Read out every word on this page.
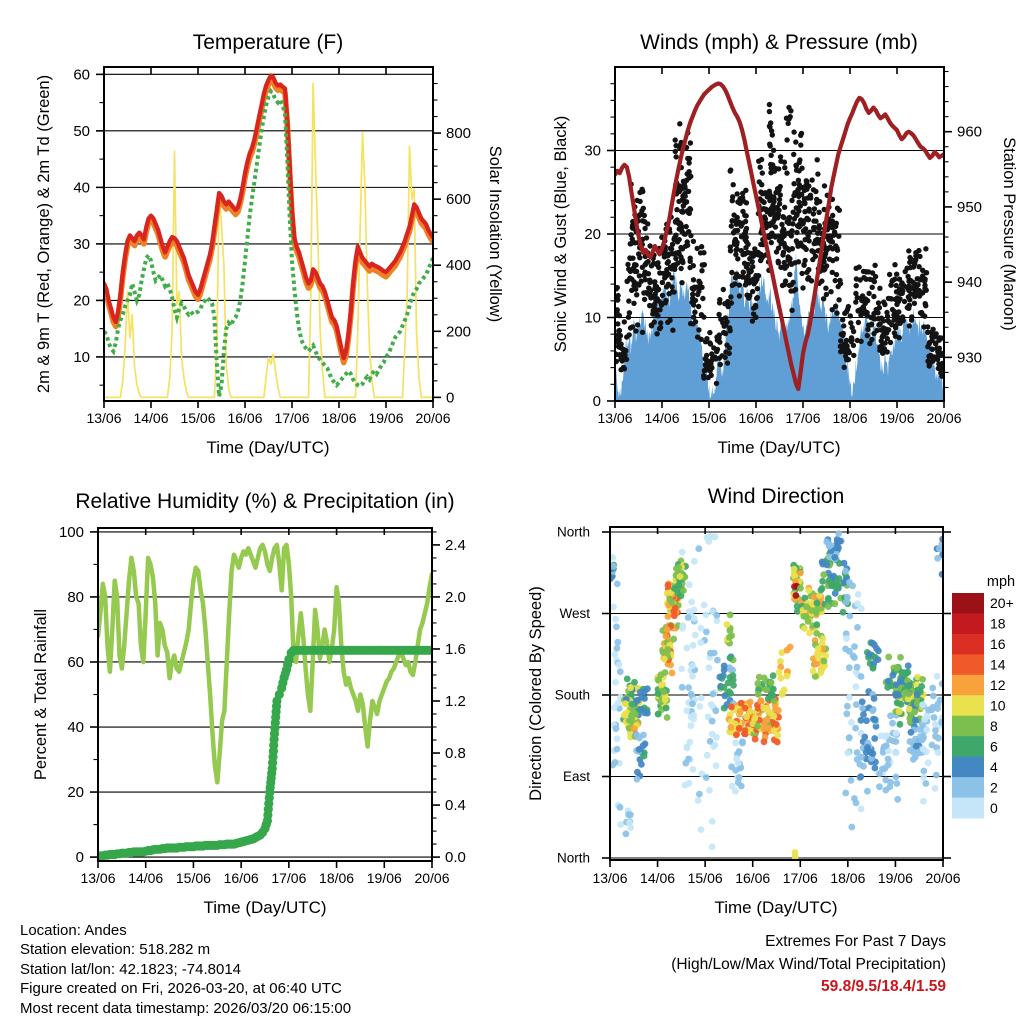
13/06 14/06 15/06 16/06 17/06 18/06 19/06 20/06
10
20
30
40
50
60
0
200
400
600
800
Temperature (F)
Time (Day/UTC)
2m & 9m T (Red, Orange) & 2m Td (Green)	Solar Insolation (Yellow)
13/06 14/06 15/06 16/06 17/06 18/06 19/06 20/06
0
10
20
30
930
940
950
960
Winds (mph) & Pressure (mb)
Time (Day/UTC)
Sonic Wind & Gust (Blue, Black)	Station Pressure (Maroon)
13/06 14/06 15/06 16/06 17/06 18/06 19/06 20/06
0
20
40
60
80
100
0.0
0.4
0.8
1.2
1.6
2.0
2.4
Relative Humidity (%) & Precipitation (in)
Time (Day/UTC)
Percent & Total Rainfall
North
West
South
East
North
13/06 14/06 15/06 16/06 17/06 18/06 19/06 20/06
Wind Direction
Time (Day/UTC)
Direction (Colored By Speed)	20+
18
16
14
12
10
8
6
4
2
0
mph
Location: Andes
Station elevation: 518.282 m
Station lat/lon: 42.1823; -74.8014
Figure created on Fri, 2026-03-20, at 06:40 UTC
Most recent data timestamp: 2026/03/20 06:15:00
Extremes For Past 7 Days
(High/Low/Max Wind/Total Precipitation)
59.8/9.5/18.4/1.59
